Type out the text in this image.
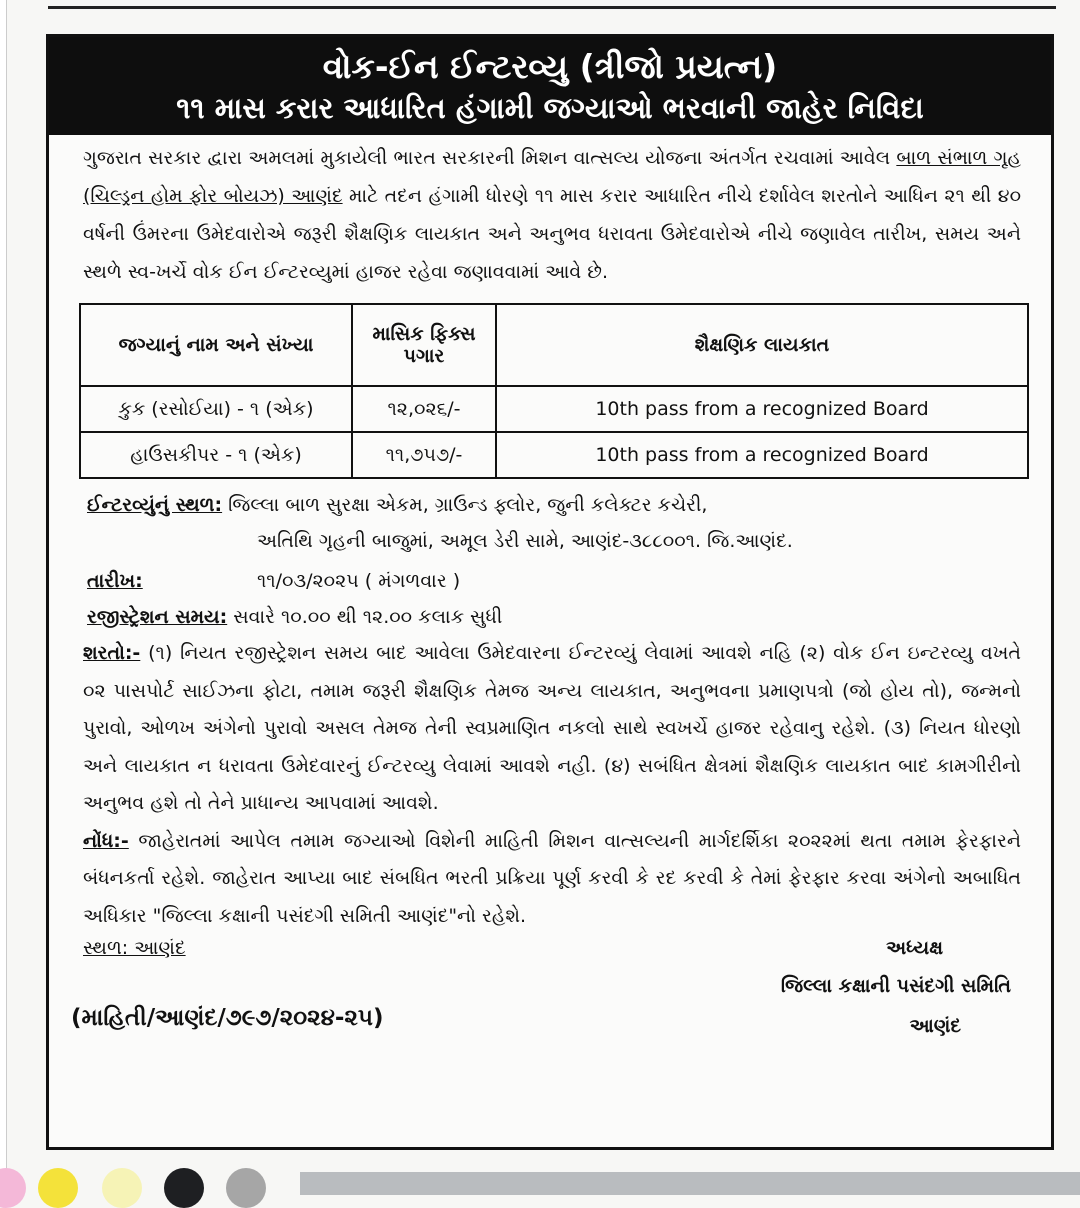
વોક-ઈન ઈન્ટરવ્યુ (ત્રીજો પ્રયત્ન)
૧૧ માસ કરાર આધારિત હંગામી જગ્યાઓ ભરવાની જાહેર નિવિદા
ગુજરાત સરકાર દ્વારા અમલમાં મુકાયેલી ભારત સરકારની મિશન વાત્સલ્ય યોજના અંતર્ગત રચવામાં આવેલ બાળ સંભાળ ગૃહ (ચિલ્ડ્રન હોમ ફોર બોયઝ) આણંદ માટે તદન હંગામી ધોરણે ૧૧ માસ કરાર આધારિત નીચે દર્શાવેલ શરતોને આધિન ૨૧ થી ૪૦ વર્ષની ઉંમરના ઉમેદવારોએ જરૂરી શૈક્ષણિક લાયકાત અને અનુભવ ધરાવતા ઉમેદવારોએ નીચે જણાવેલ તારીખ, સમય અને સ્થળે સ્વ-ખર્ચે વોક ઈન ઈન્ટરવ્યુમાં હાજર રહેવા જણાવવામાં આવે છે.
જગ્યાનું નામ અને સંખ્યા	માસિક ફિક્સ પગાર	શૈક્ષણિક લાયકાત
કુક (રસોઈયા) - ૧ (એક)	૧૨,૦૨૬/-	10th pass from a recognized Board
હાઉસકીપર - ૧ (એક)	૧૧,૭૫૭/-	10th pass from a recognized Board
ઈન્ટરવ્યુંનું સ્થળ: જિલ્લા બાળ સુરક્ષા એકમ, ગ્રાઉન્ડ ફ્લોર, જુની કલેક્ટર કચેરી,
અતિથિ ગૃહની બાજુમાં, અમૂલ ડેરી સામે, આણંદ-૩૮૮૦૦૧. જિ.આણંદ.
તારીખ:	૧૧/૦૩/૨૦૨૫ ( મંગળવાર )
રજીસ્ટ્રેશન સમય: સવારે ૧૦.૦૦ થી ૧૨.૦૦ કલાક સુધી
શરતો:- (૧) નિયત રજીસ્ટ્રેશન સમય બાદ આવેલા ઉમેદવારના ઈન્ટરવ્યું લેવામાં આવશે નહિ (૨) વોક ઈન ઇન્ટરવ્યુ વખતે ૦૨ પાસપોર્ટ સાઈઝના ફોટા, તમામ જરૂરી શૈક્ષણિક તેમજ અન્ય લાયકાત, અનુભવના પ્રમાણપત્રો (જો હોય તો), જન્મનો પુરાવો, ઓળખ અંગેનો પુરાવો અસલ તેમજ તેની સ્વપ્રમાણિત નકલો સાથે સ્વખર્ચે હાજર રહેવાનુ રહેશે. (૩) નિયત ધોરણો અને લાયકાત ન ધરાવતા ઉમેદવારનું ઈન્ટરવ્યુ લેવામાં આવશે નહી. (૪) સબંધિત ક્ષેત્રમાં શૈક્ષણિક લાયકાત બાદ કામગીરીનો અનુભવ હશે તો તેને પ્રાધાન્ય આપવામાં આવશે.
નોંધ:- જાહેરાતમાં આપેલ તમામ જગ્યાઓ વિશેની માહિતી મિશન વાત્સલ્યની માર્ગદર્શિકા ૨૦૨૨માં થતા તમામ ફેરફારને બંધનકર્તા રહેશે. જાહેરાત આપ્યા બાદ સંબધિત ભરતી પ્રક્રિયા પૂર્ણ કરવી કે રદ કરવી કે તેમાં ફેરફાર કરવા અંગેનો અબાધિત અધિકાર "જિલ્લા કક્ષાની પસંદગી સમિતી આણંદ"નો રહેશે.
સ્થળ: આણંદ	અધ્યક્ષ
જિલ્લા કક્ષાની પસંદગી સમિતિ
(માહિતી/આણંદ/૭૯૭/૨૦૨૪-૨૫)	આણંદ
